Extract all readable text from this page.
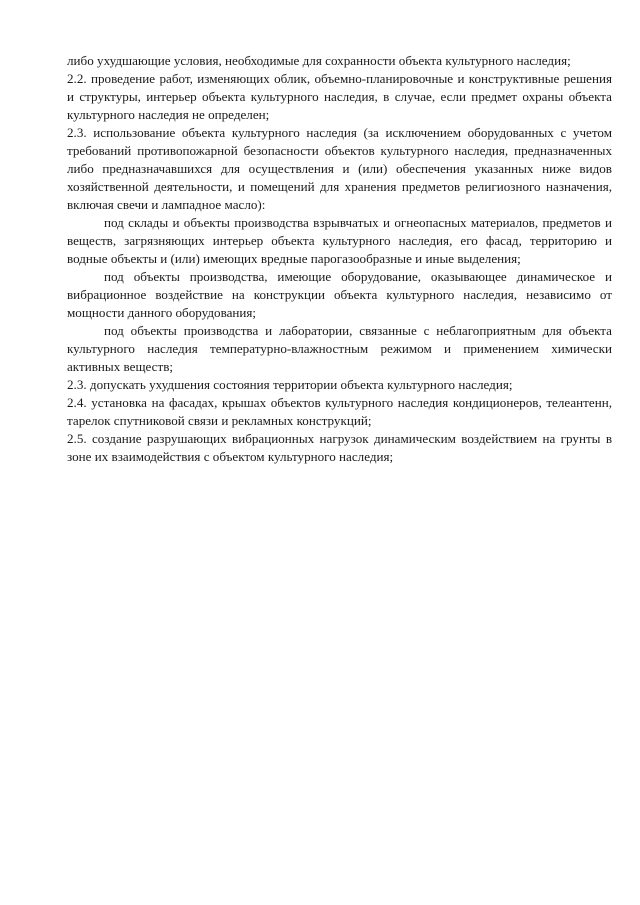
либо ухудшающие условия, необходимые для сохранности объекта культурного наследия;

2.2. проведение работ, изменяющих облик, объемно-планировочные и конструктивные решения и структуры, интерьер объекта культурного наследия, в случае, если предмет охраны объекта культурного наследия не определен;

2.3. использование объекта культурного наследия (за исключением оборудованных с учетом требований противопожарной безопасности объектов культурного наследия, предназначенных либо предназначавшихся для осуществления и (или) обеспечения указанных ниже видов хозяйственной деятельности, и помещений для хранения предметов религиозного назначения, включая свечи и лампадное масло):

под склады и объекты производства взрывчатых и огнеопасных материалов, предметов и веществ, загрязняющих интерьер объекта культурного наследия, его фасад, территорию и водные объекты и (или) имеющих вредные парогазообразные и иные выделения;

под объекты производства, имеющие оборудование, оказывающее динамическое и вибрационное воздействие на конструкции объекта культурного наследия, независимо от мощности данного оборудования;

под объекты производства и лаборатории, связанные с неблагоприятным для объекта культурного наследия температурно-влажностным режимом и применением химически активных веществ;

2.3. допускать ухудшения состояния территории объекта культурного наследия;

2.4. установка на фасадах, крышах объектов культурного наследия кондиционеров, телеантенн, тарелок спутниковой связи и рекламных конструкций;

2.5. создание разрушающих вибрационных нагрузок динамическим воздействием на грунты в зоне их взаимодействия с объектом культурного наследия;
